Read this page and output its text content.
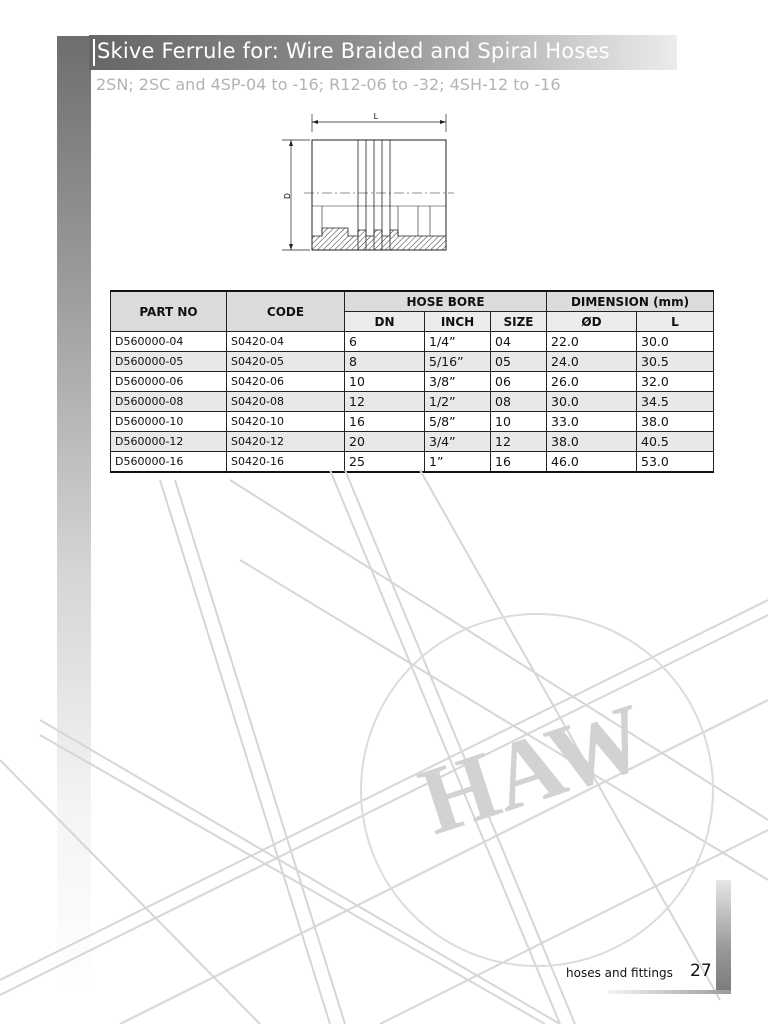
Skive Ferrule for: Wire Braided and Spiral Hoses
2SN; 2SC and 4SP-04 to -16; R12-06 to -32; 4SH-12 to -16
L
D
PART NO	CODE	HOSE BORE			DIMENSION (mm)	
		DN	INCH	SIZE	ØD	L
D560000-04	S0420-04	6	1/4”	04	22.0	30.0
D560000-05	S0420-05	8	5/16”	05	24.0	30.5
D560000-06	S0420-06	10	3/8”	06	26.0	32.0
D560000-08	S0420-08	12	1/2”	08	30.0	34.5
D560000-10	S0420-10	16	5/8”	10	33.0	38.0
D560000-12	S0420-12	20	3/4”	12	38.0	40.5
D560000-16	S0420-16	25	1”	16	46.0	53.0
HAW
hoses and fittings 27
